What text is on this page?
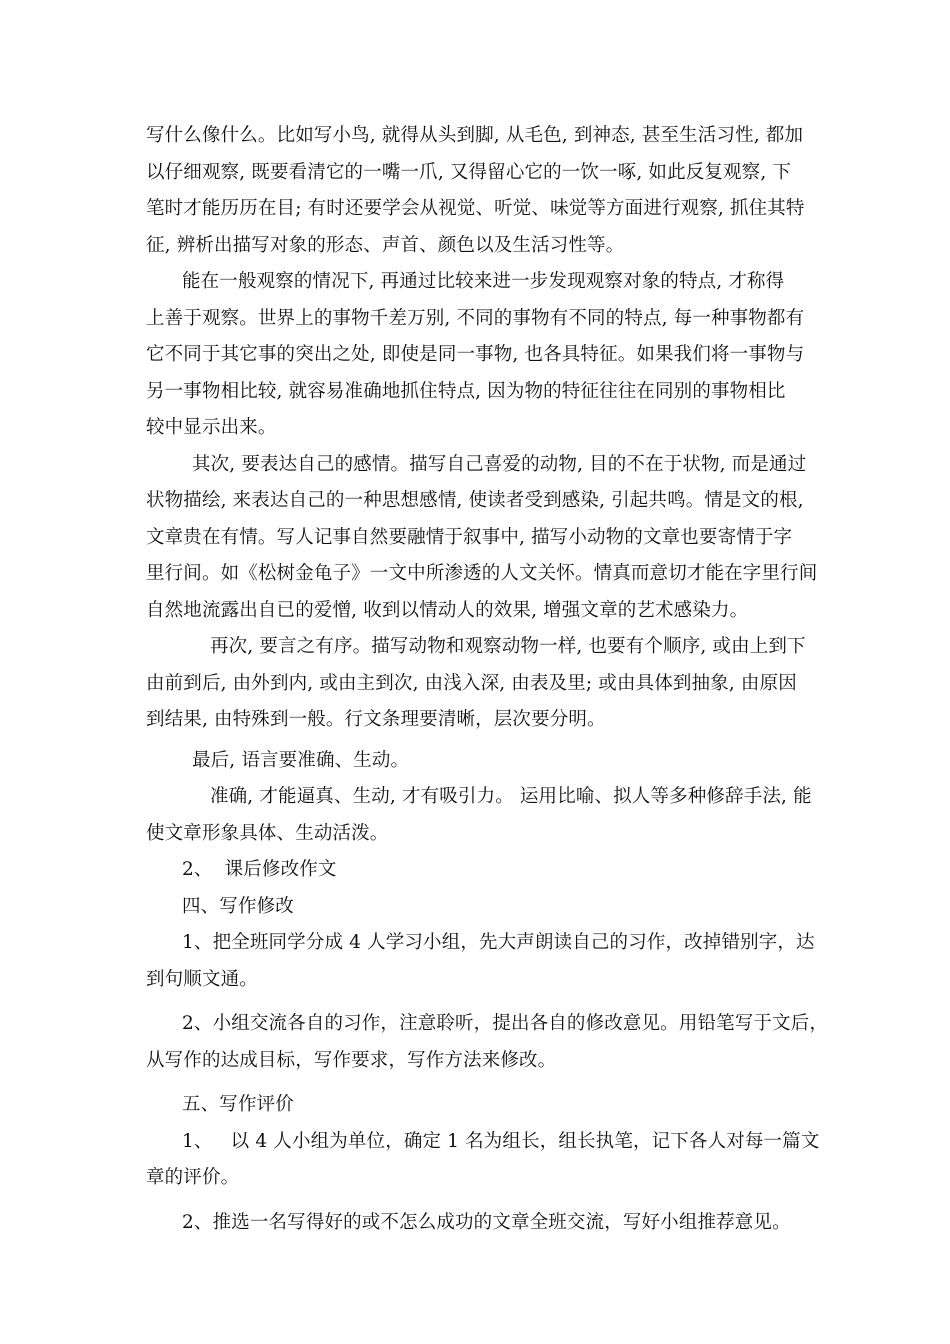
写什么像什么。比如写小鸟, 就得从头到脚, 从毛色, 到神态, 甚至生活习性, 都加
以仔细观察, 既要看清它的一嘴一爪, 又得留心它的一饮一啄, 如此反复观察, 下
笔时才能历历在目; 有时还要学会从视觉、听觉、味觉等方面进行观察, 抓住其特
征, 辨析出描写对象的形态、声首、颜色以及生活习性等。
能在一般观察的情况下, 再通过比较来进一步发现观察对象的特点, 才称得
上善于观察。世界上的事物千差万别, 不同的事物有不同的特点, 每一种事物都有
它不同于其它事的突出之处, 即使是同一事物, 也各具特征。如果我们将一事物与
另一事物相比较, 就容易准确地抓住特点, 因为物的特征往往在同别的事物相比
较中显示出来。
其次, 要表达自己的感情。描写自己喜爱的动物, 目的不在于状物, 而是通过
状物描绘, 来表达自己的一种思想感情, 使读者受到感染, 引起共鸣。情是文的根,
文章贵在有情。写人记事自然要融情于叙事中, 描写小动物的文章也要寄情于字
里行间。如《松树金龟子》一文中所渗透的人文关怀。情真而意切才能在字里行间
自然地流露出自已的爱憎, 收到以情动人的效果, 增强文章的艺术感染力。
再次, 要言之有序。描写动物和观察动物一样, 也要有个顺序, 或由上到下
由前到后, 由外到内, 或由主到次, 由浅入深, 由表及里; 或由具体到抽象, 由原因
到结果, 由特殊到一般。行文条理要清晰，层次要分明。
最后, 语言要准确、生动。
准确, 才能逼真、生动, 才有吸引力。 运用比喻、拟人等多种修辞手法, 能
使文章形象具体、生动活泼。
2、  课后修改作文
四、写作修改
1、把全班同学分成 4 人学习小组，先大声朗读自己的习作，改掉错别字，达
到句顺文通。
2、小组交流各自的习作，注意聆听，提出各自的修改意见。用铅笔写于文后，
从写作的达成目标，写作要求，写作方法来修改。
五、写作评价
1、   以 4 人小组为单位，确定 1 名为组长，组长执笔，记下各人对每一篇文
章的评价。
2、推选一名写得好的或不怎么成功的文章全班交流，写好小组推荐意见。
